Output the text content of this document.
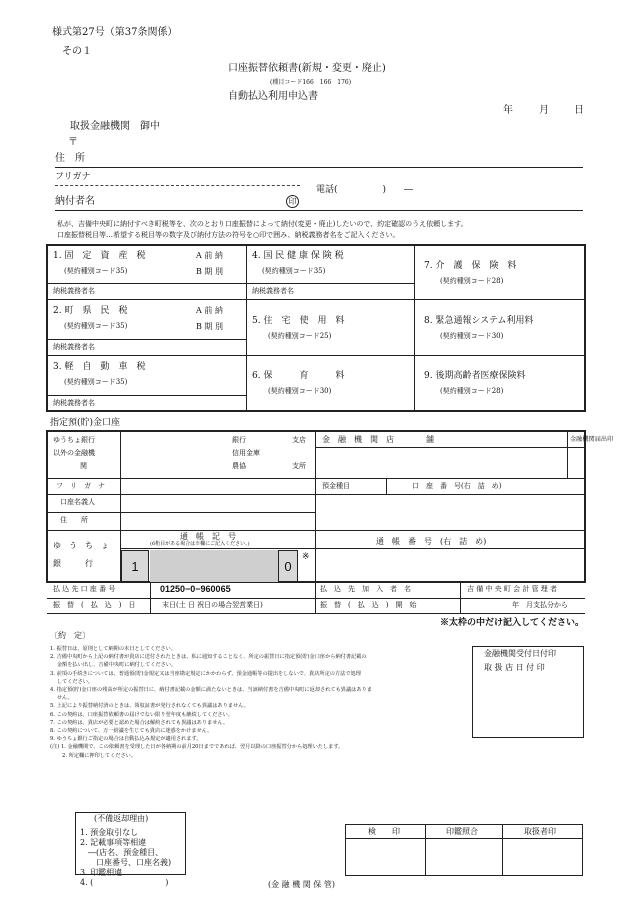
様式第27号（第37条関係）
その１
口座振替依頼書(新規・変更・廃止)
(種目コード166　166　176)
自動払込利用申込書
年	月	日
取扱金融機関　御中
〒
住　所
フリガナ
電話(　　　　　)　　―
納付者名	印
私が、吉備中央町に納付すべき町税等を、次のとおり口座振替によって納付(変更・廃止)したいので、約定確認のうえ依頼します。
口座振替税目等…希望する税目等の数字及び納付方法の符号を○印で囲み、納税義務者名をご記入ください。
1. 固　定　資　産　税
(契約種別コード35)
A 前 納
B 期 別
納税義務者名
2. 町　県　民　税
(契約種別コード35)
A 前 納
B 期 別
納税義務者名
3. 軽　自　動　車　税
(契約種別コード35)
納税義務者名
4. 国 民 健 康 保 険 税
(契約種別コード35)
納税義務者名
5. 住　宅　使　用　料
(契約種別コード25)
6. 保　　　育　　　料
(契約種別コード30)
7. 介　護　保　険　料
(契約種別コード28)
8. 緊急通報システム利用料
(契約種別コード30)
9. 後期高齢者医療保険料
(契約種別コード28)
指定預(貯)金口座
ゆうちょ銀行
以外の金融機
関
銀行
信用金庫
農協
支店
支所
金　融　機　関　店　　　　舗	金融機関届出印
フ　リ　ガ　ナ	預金種目	口　座　番　号(右　詰　め)
口座名義人
住　　所
ゆ　う　ち　ょ
銀　　　行
通　帳　記　号
(6桁目がある場合は※欄にご記入ください。)	通　帳　番　号　(右　詰　め)
1	0
※
払 込 先 口 座 番 号	01250−0−960065	払　込　先　加　入　者　名	吉 備 中 央 町 会 計 管 理 者
振　替　(　払　込　)　日	末日(土 日 祝日の場合翌営業日)	振　替　(　払　込　)　開　始	年　月支払分から
※太枠の中だけ記入してください。
〔約　定〕
1. 振替日は、原則として納期の末日としてください。
2. 吉備中央町から上記の納付書が貴店に送付されたときは、私に通知することなく、所定の振替日に指定預(貯)金口座から納付書記載の
　 金額を払い出し、吉備中央町に納付してください。
3. 前項の手続きについては、普通預(貯)金規定又は当座勘定規定にかかわらず、預金通帳等の提出をしないで、貴店所定の方法で処理
　 してください。
4. 指定預(貯)金口座の残高が所定の振替日に、納付書記載の金額に満たないときは、当該納付書を吉備中央町に返却されても異議はありま
　 せん。
5. 上記により振替納付済のときは、領収証書が発行されなくても異議はありません。
6. この契約は、口座振替依頼書の届けでない限り翌年度も継続してください。
7. この契約は、貴店が必要と認めた場合は解約されても異議はありません。
8. この契約について、万一紛議を生じても貴店に迷惑をかけません。
9. ゆうちょ銀行ご指定の場合は自動払込み規定が適用されます。
(注) 1. 金融機関で、この依頼書を受理した日が各納期の前月20日までであれば、翌月以降の口座振替分から処理いたします。
　　 2. 所定欄に押印してください。
金融機関受付日付印
取 扱 店 日 付 印
(不備返却理由)
1. 預金取引なし
2. 記載事項等相違
　―(店名、預金種目、
　　口座番号、口座名義)
3. 印鑑相違
4. (　　　　　　　　　)
検　　印	印鑑照合	取扱者印
(金 融 機 関 保 管)
